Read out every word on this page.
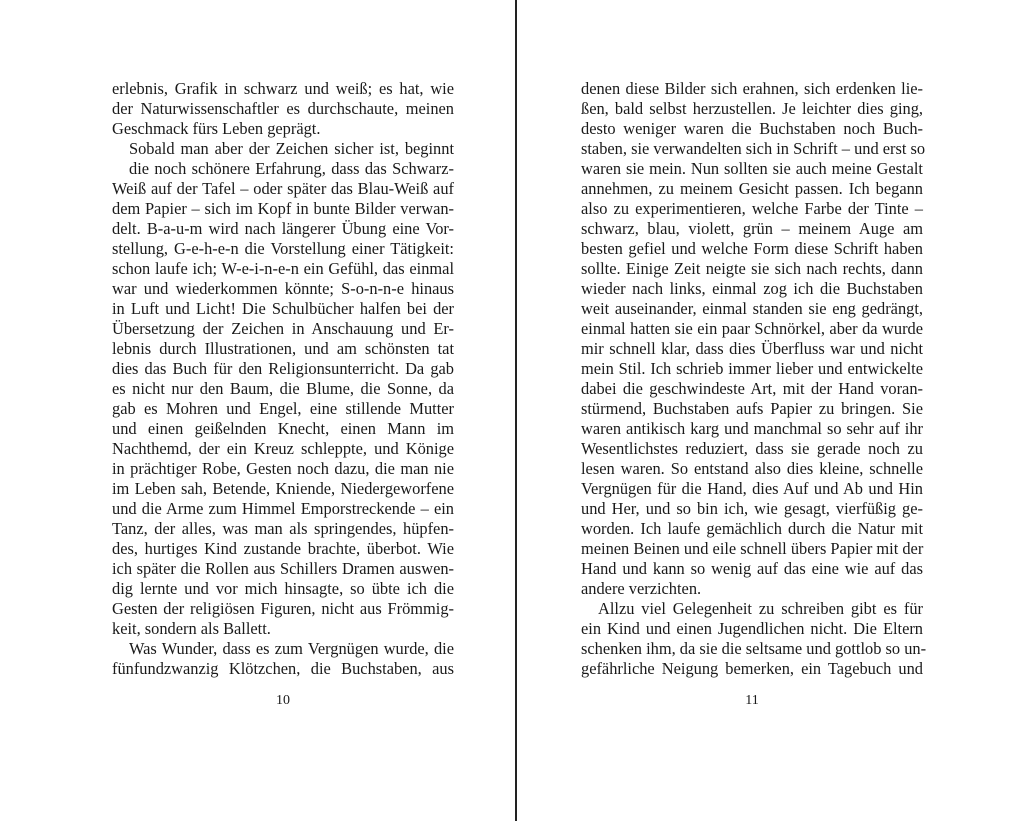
erlebnis, Grafik in schwarz und weiß; es hat, wie
der Naturwissenschaftler es durchschaute, meinen
Geschmack fürs Leben geprägt.
Sobald man aber der Zeichen sicher ist, beginnt
die noch schönere Erfahrung, dass das Schwarz-
Weiß auf der Tafel – oder später das Blau-Weiß auf
dem Papier – sich im Kopf in bunte Bilder verwan-
delt. B-a-u-m wird nach längerer Übung eine Vor-
stellung, G-e-h-e-n die Vorstellung einer Tätigkeit:
schon laufe ich; W-e-i-n-e-n ein Gefühl, das einmal
war und wiederkommen könnte; S-o-n-n-e hinaus
in Luft und Licht! Die Schulbücher halfen bei der
Übersetzung der Zeichen in Anschauung und Er-
lebnis durch Illustrationen, und am schönsten tat
dies das Buch für den Religionsunterricht. Da gab
es nicht nur den Baum, die Blume, die Sonne, da
gab es Mohren und Engel, eine stillende Mutter
und einen geißelnden Knecht, einen Mann im
Nachthemd, der ein Kreuz schleppte, und Könige
in prächtiger Robe, Gesten noch dazu, die man nie
im Leben sah, Betende, Kniende, Niedergeworfene
und die Arme zum Himmel Emporstreckende – ein
Tanz, der alles, was man als springendes, hüpfen-
des, hurtiges Kind zustande brachte, überbot. Wie
ich später die Rollen aus Schillers Dramen auswen-
dig lernte und vor mich hinsagte, so übte ich die
Gesten der religiösen Figuren, nicht aus Frömmig-
keit, sondern als Ballett.
Was Wunder, dass es zum Vergnügen wurde, die
fünfundzwanzig Klötzchen, die Buchstaben, aus
10
denen diese Bilder sich erahnen, sich erdenken lie-
ßen, bald selbst herzustellen. Je leichter dies ging,
desto weniger waren die Buchstaben noch Buch-
staben, sie verwandelten sich in Schrift – und erst so
waren sie mein. Nun sollten sie auch meine Gestalt
annehmen, zu meinem Gesicht passen. Ich begann
also zu experimentieren, welche Farbe der Tinte –
schwarz, blau, violett, grün – meinem Auge am
besten gefiel und welche Form diese Schrift haben
sollte. Einige Zeit neigte sie sich nach rechts, dann
wieder nach links, einmal zog ich die Buchstaben
weit auseinander, einmal standen sie eng gedrängt,
einmal hatten sie ein paar Schnörkel, aber da wurde
mir schnell klar, dass dies Überfluss war und nicht
mein Stil. Ich schrieb immer lieber und entwickelte
dabei die geschwindeste Art, mit der Hand voran-
stürmend, Buchstaben aufs Papier zu bringen. Sie
waren antikisch karg und manchmal so sehr auf ihr
Wesentlichstes reduziert, dass sie gerade noch zu
lesen waren. So entstand also dies kleine, schnelle
Vergnügen für die Hand, dies Auf und Ab und Hin
und Her, und so bin ich, wie gesagt, vierfüßig ge-
worden. Ich laufe gemächlich durch die Natur mit
meinen Beinen und eile schnell übers Papier mit der
Hand und kann so wenig auf das eine wie auf das
andere verzichten.
Allzu viel Gelegenheit zu schreiben gibt es für
ein Kind und einen Jugendlichen nicht. Die Eltern
schenken ihm, da sie die seltsame und gottlob so un-
gefährliche Neigung bemerken, ein Tagebuch und
11
